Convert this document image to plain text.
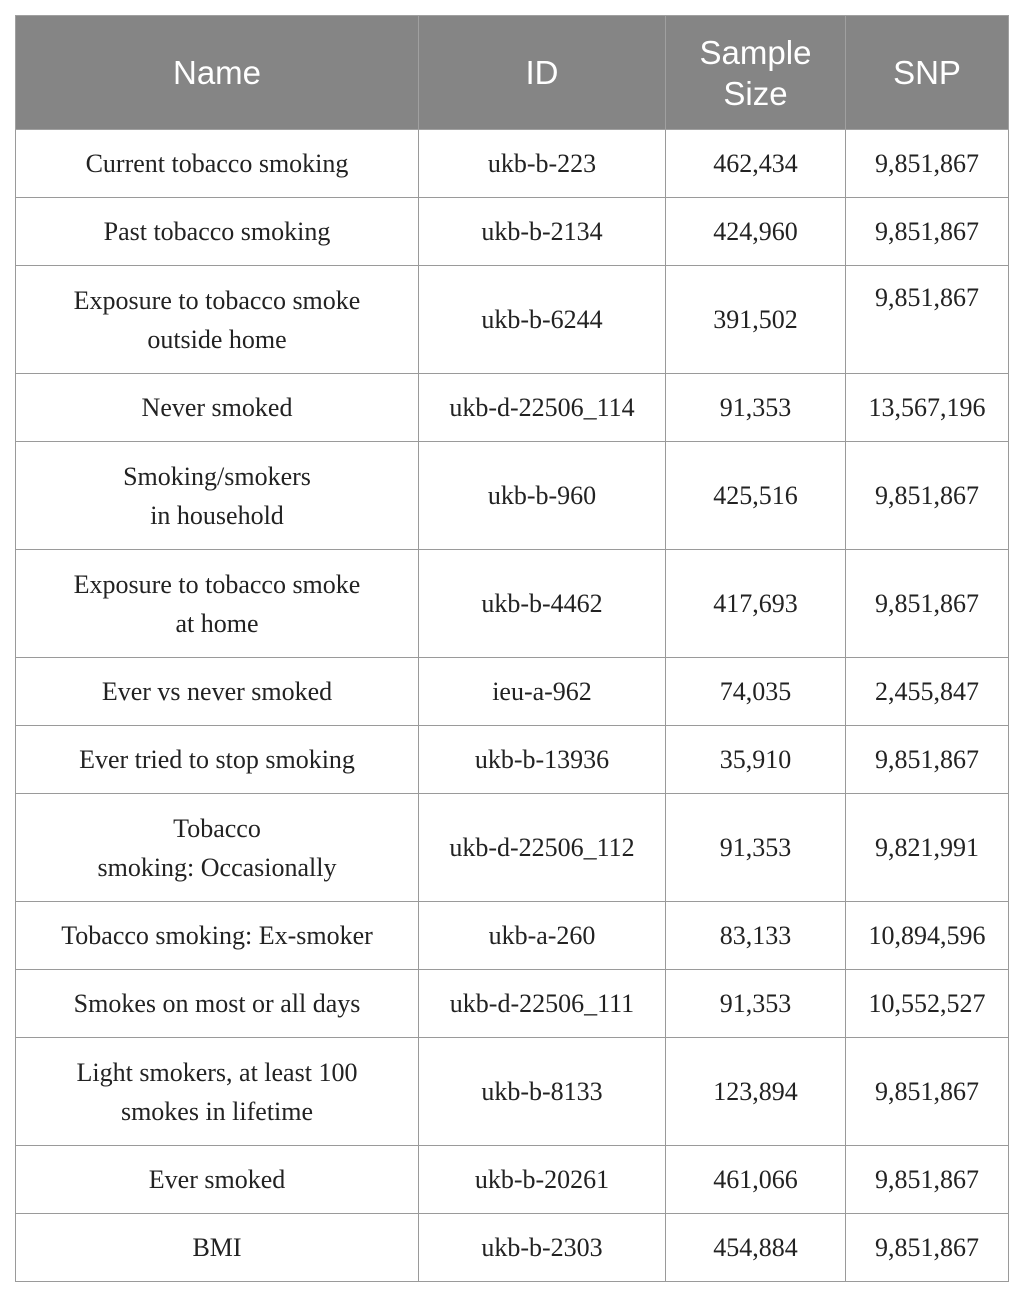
Name	ID	Sample Size	SNP
Current tobacco smoking	ukb-b-223	462,434	9,851,867
Past tobacco smoking	ukb-b-2134	424,960	9,851,867
Exposure to tobacco smoke
outside home	ukb-b-6244	391,502	9,851,867
Never smoked	ukb-d-22506_114	91,353	13,567,196
Smoking/smokers
in household	ukb-b-960	425,516	9,851,867
Exposure to tobacco smoke
at home	ukb-b-4462	417,693	9,851,867
Ever vs never smoked	ieu-a-962	74,035	2,455,847
Ever tried to stop smoking	ukb-b-13936	35,910	9,851,867
Tobacco
smoking: Occasionally	ukb-d-22506_112	91,353	9,821,991
Tobacco smoking: Ex-smoker	ukb-a-260	83,133	10,894,596
Smokes on most or all days	ukb-d-22506_111	91,353	10,552,527
Light smokers, at least 100
smokes in lifetime	ukb-b-8133	123,894	9,851,867
Ever smoked	ukb-b-20261	461,066	9,851,867
BMI	ukb-b-2303	454,884	9,851,867
